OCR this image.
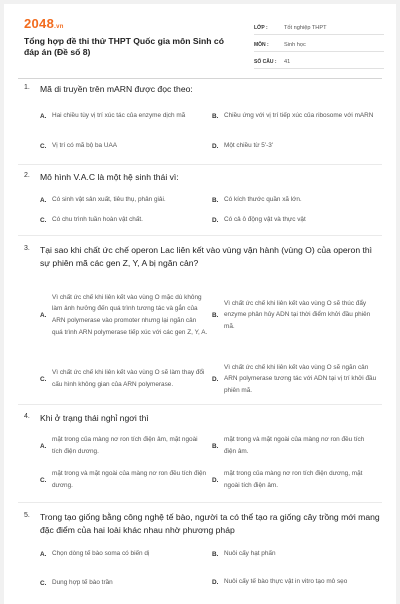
2048.vn
Tổng hợp đề thi thử THPT Quốc gia môn Sinh có đáp án (Đề số 8)
LỚP :	Tốt nghiệp THPT
MÔN :	Sinh học
SỐ CÂU :	41
1. Mã di truyền trên mARN được đọc theo:
A. Hai chiều tùy vị trí xúc tác của enzyme dịch mã	B. Chiều ứng với vị trí tiếp xúc của ribosome với mARN
C. Vị trí có mã bộ ba UAA	D. Một chiều từ 5'-3'
2. Mô hình V.A.C là một hệ sinh thái vì:
A. Có sinh vật sản xuất, tiêu thụ, phân giải.	B. Có kích thước quần xã lớn.
C. Có chu trình tuần hoàn vật chất.	D. Có cả ô động vật và thực vật
3. Tại sao khi chất ức chế operon Lac liên kết vào vùng vận hành (vùng O) của operon thì sự phiên mã các gen Z, Y, A bị ngăn cản?
A.
Vì chất ức chế khi liên kết vào vùng O mặc dù không làm ảnh hưởng đến quá trình tương tác và gắn của ARN polymerase vào promoter nhưng lại ngăn cản quá trình ARN polymerase tiếp xúc với các gen Z, Y, A.
B.
Vì chất ức chế khi liên kết vào vùng O sẽ thúc đẩy enzyme phân hủy ADN tại thời điểm khởi đầu phiên mã.
C.
Vì chất ức chế khi liên kết vào vùng O sẽ làm thay đổi cấu hình không gian của ARN polymerase.
D.
Vì chất ức chế khi liên kết vào vùng O sẽ ngăn cản ARN polymerase tương tác với ADN tại vị trí khởi đầu phiên mã.
4. Khi ở trạng thái nghỉ ngơi thì
A.
mặt trong của màng nơ ron tích điện âm, mặt ngoài tích điện dương.
B.
mặt trong và mặt ngoài của màng nơ ron đều tích điện âm.
C.
mặt trong và mặt ngoài của màng nơ ron đều tích điện dương.
D.
mặt trong của màng nơ ron tích điện dương, mặt ngoài tích điện âm.
5. Trong tạo giống bằng công nghệ tế bào, người ta có thể tạo ra giống cây trồng mới mang đặc điểm của hai loài khác nhau nhờ phương pháp
A. Chọn dòng tế bào soma có biến dị	B. Nuôi cấy hạt phấn
C. Dung hợp tế bào trần	D. Nuôi cấy tế bào thực vật in vitro tạo mô sẹo
